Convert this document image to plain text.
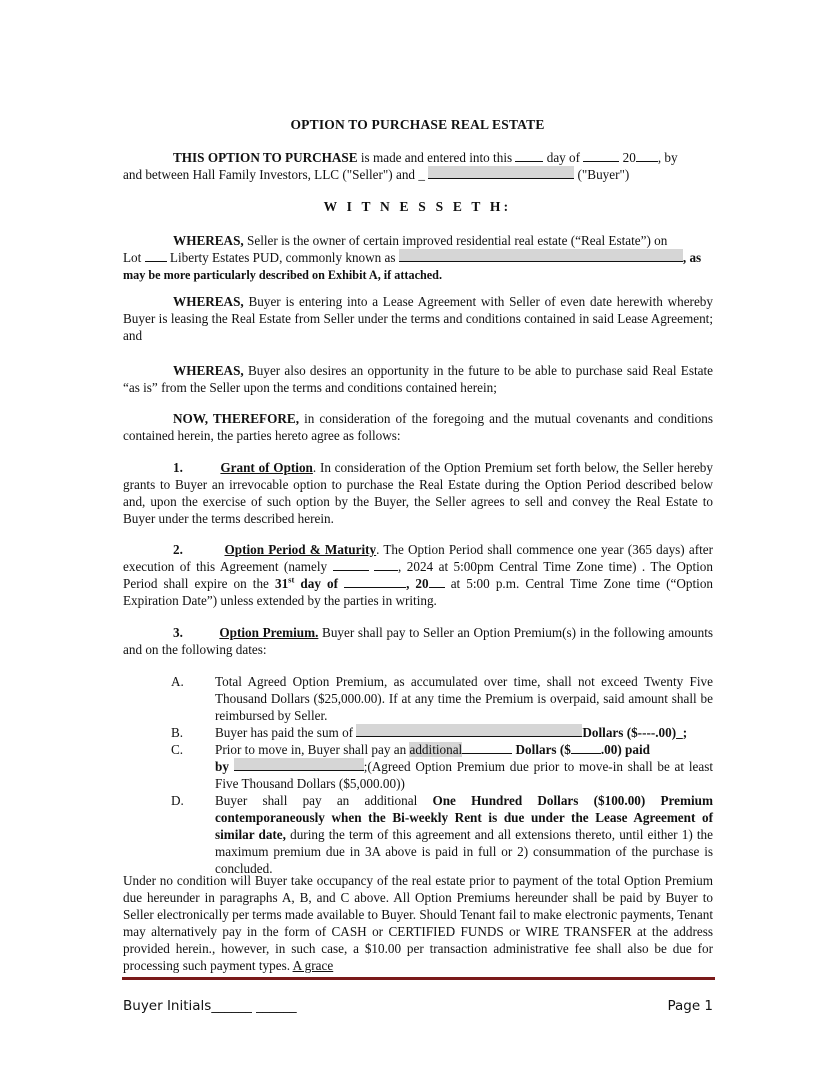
OPTION TO PURCHASE REAL ESTATE
THIS OPTION TO PURCHASE is made and entered into this  day of	20 , by
and between Hall Family Investors, LLC ("Seller") and _	("Buyer")
W I T N E S S E T H:
WHEREAS, Seller is the owner of certain improved residential real estate (“Real Estate”) on
Lot  Liberty Estates PUD, commonly known as	, as
may be more particularly described on Exhibit A, if attached.
WHEREAS, Buyer is entering into a Lease Agreement with Seller of even date herewith whereby Buyer is leasing the Real Estate from Seller under the terms and conditions contained in said Lease Agreement; and
WHEREAS, Buyer also desires an opportunity in the future to be able to purchase said Real Estate “as is” from the Seller upon the terms and conditions contained herein;
NOW, THEREFORE, in consideration of the foregoing and the mutual covenants and conditions contained herein, the parties hereto agree as follows:
1.	Grant of Option. In consideration of the Option Premium set forth below, the Seller hereby grants to Buyer an irrevocable option to purchase the Real Estate during the Option Period described below and, upon the exercise of such option by the Buyer, the Seller agrees to sell and convey the Real Estate to Buyer under the terms described herein.
2.	Option Period & Maturity. The Option Period shall commence one year (365 days) after execution of this Agreement (namely	, 2024 at 5:00pm Central Time Zone time) . The Option Period shall expire on the 31st day of	, 20 at 5:00 p.m. Central Time Zone time (“Option Expiration Date”) unless extended by the parties in writing.
3.	Option Premium. Buyer shall pay to Seller an Option Premium(s) in the following amounts and on the following dates:
A. Total Agreed Option Premium, as accumulated over time, shall not exceed Twenty Five Thousand Dollars ($25,000.00). If at any time the Premium is overpaid, said amount shall be reimbursed by Seller.
B. Buyer has paid the sum of	Dollars ($----.00)_;
C. Prior to move in, Buyer shall pay an additional	Dollars ($ .00) paid
by	;(Agreed Option Premium due prior to move-in shall be at least Five Thousand Dollars ($5,000.00))
D. Buyer shall pay an additional One Hundred Dollars ($100.00) Premium contemporaneously when the Bi-weekly Rent is due under the Lease Agreement of similar date, during the term of this agreement and all extensions thereto, until either 1) the maximum premium due in 3A above is paid in full or 2) consummation of the purchase is concluded.
Under no condition will Buyer take occupancy of the real estate prior to payment of the total Option Premium due hereunder in paragraphs A, B, and C above. All Option Premiums hereunder shall be paid by Buyer to Seller electronically per terms made available to Buyer. Should Tenant fail to make electronic payments, Tenant may alternatively pay in the form of CASH or CERTIFIED FUNDS or WIRE TRANSFER at the address provided herein., however, in such case, a $10.00 per transaction administrative fee shall also be due for processing such payment types. A grace
Buyer Initials______ ______	Page 1
